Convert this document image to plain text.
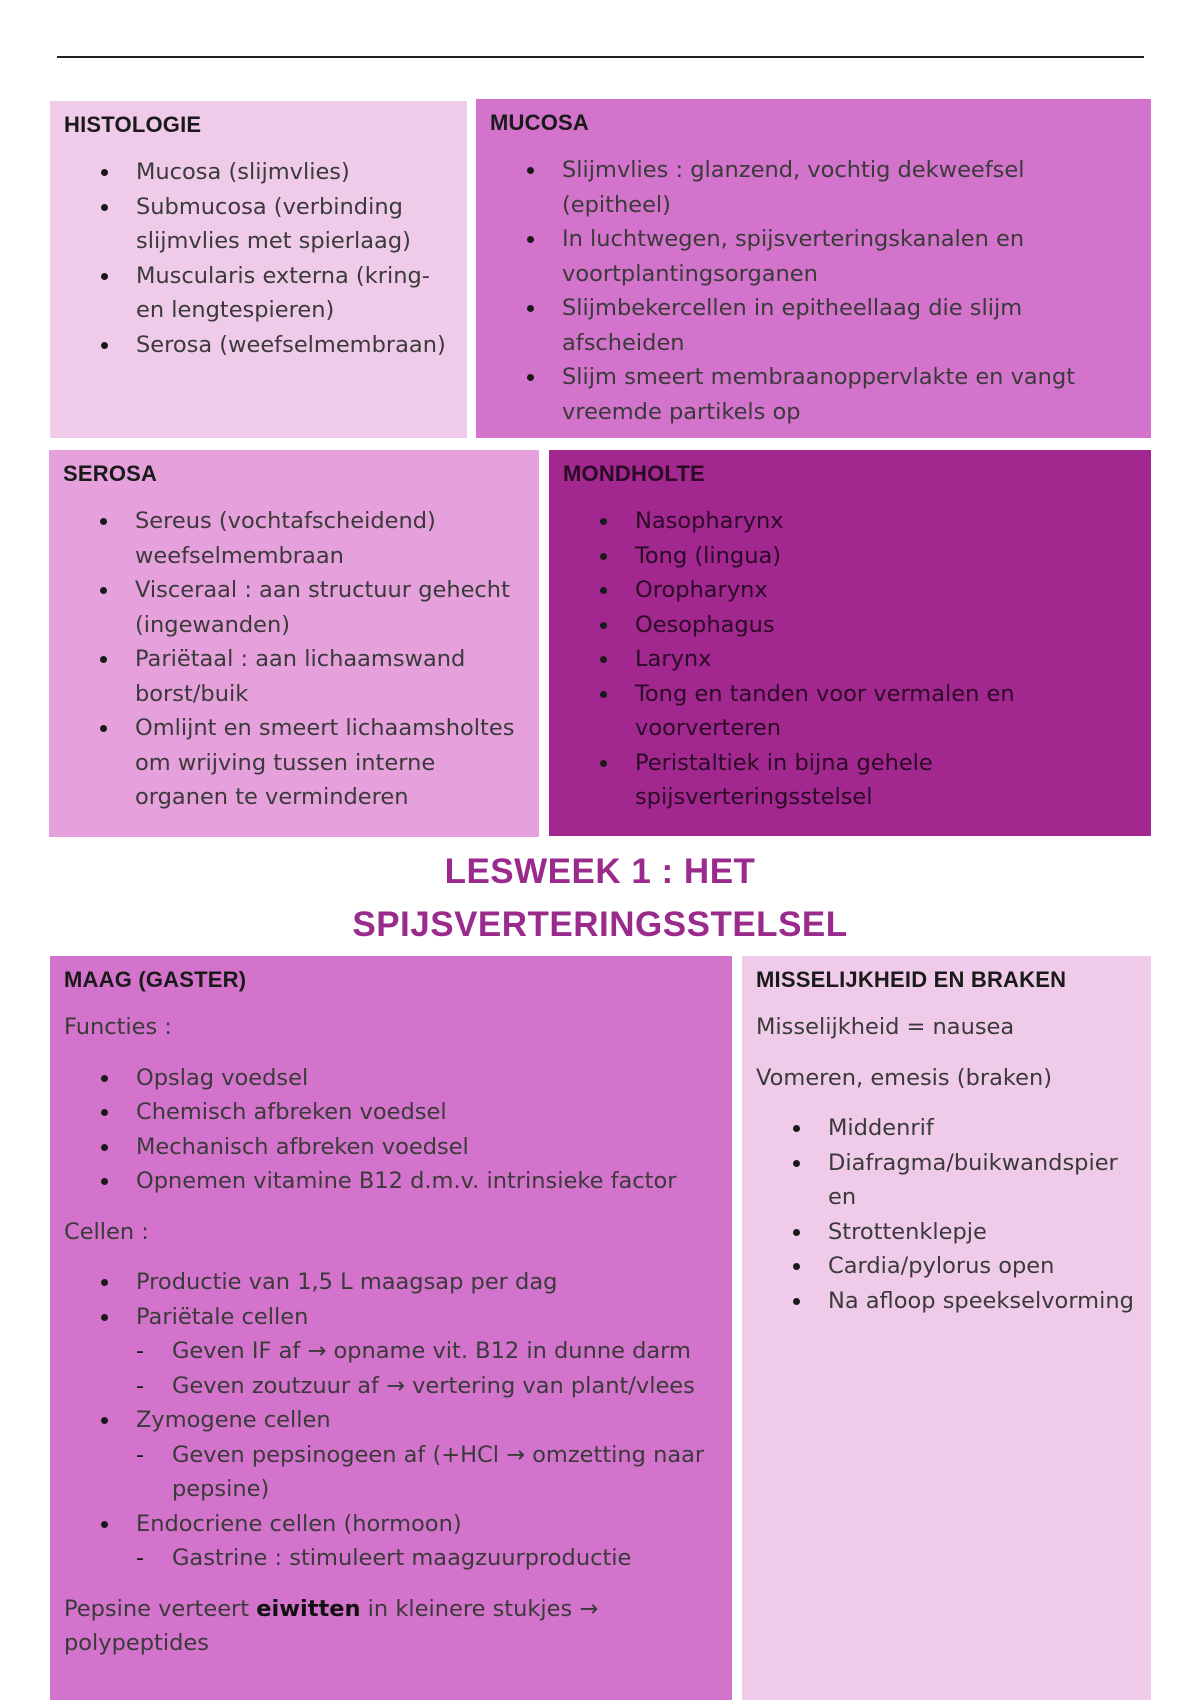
HISTOLOGIE
Mucosa (slijmvlies)
Submucosa (verbinding slijmvlies met spierlaag)
Muscularis externa (kring- en lengtespieren)
Serosa (weefselmembraan)
MUCOSA
Slijmvlies : glanzend, vochtig dekweefsel (epitheel)
In luchtwegen, spijsverteringskanalen en voortplantingsorganen
Slijmbekercellen in epitheellaag die slijm afscheiden
Slijm smeert membraanoppervlakte en vangt vreemde partikels op
SEROSA
Sereus (vochtafscheidend) weefselmembraan
Visceraal : aan structuur gehecht (ingewanden)
Pariëtaal : aan lichaamswand borst/buik
Omlijnt en smeert lichaamsholtes om wrijving tussen interne organen te verminderen
MONDHOLTE
Nasopharynx
Tong (lingua)
Oropharynx
Oesophagus
Larynx
Tong en tanden voor vermalen en voorverteren
Peristaltiek in bijna gehele spijsverteringsstelsel
LESWEEK 1 : HET
SPIJSVERTERINGSSTELSEL
MAAG (GASTER)

Functies :

Opslag voedsel
Chemisch afbreken voedsel
Mechanisch afbreken voedsel
Opnemen vitamine B12 d.m.v. intrinsieke factor

Cellen :

Productie van 1,5 L maagsap per dag
Pariëtale cellen
- Geven IF af → opname vit. B12 in dunne darm
- Geven zoutzuur af → vertering van plant/vlees
Zymogene cellen
- Geven pepsinogeen af (+HCl → omzetting naar pepsine)
Endocriene cellen (hormoon)
- Gastrine : stimuleert maagzuurproductie

Pepsine verteert eiwitten in kleinere stukjes → polypeptides

MISSELIJKHEID EN BRAKEN

Misselijkheid = nausea

Vomeren, emesis (braken)

Middenrif
Diafragma/buikwandspier en
Strottenklepje
Cardia/pylorus open
Na afloop speekselvorming
